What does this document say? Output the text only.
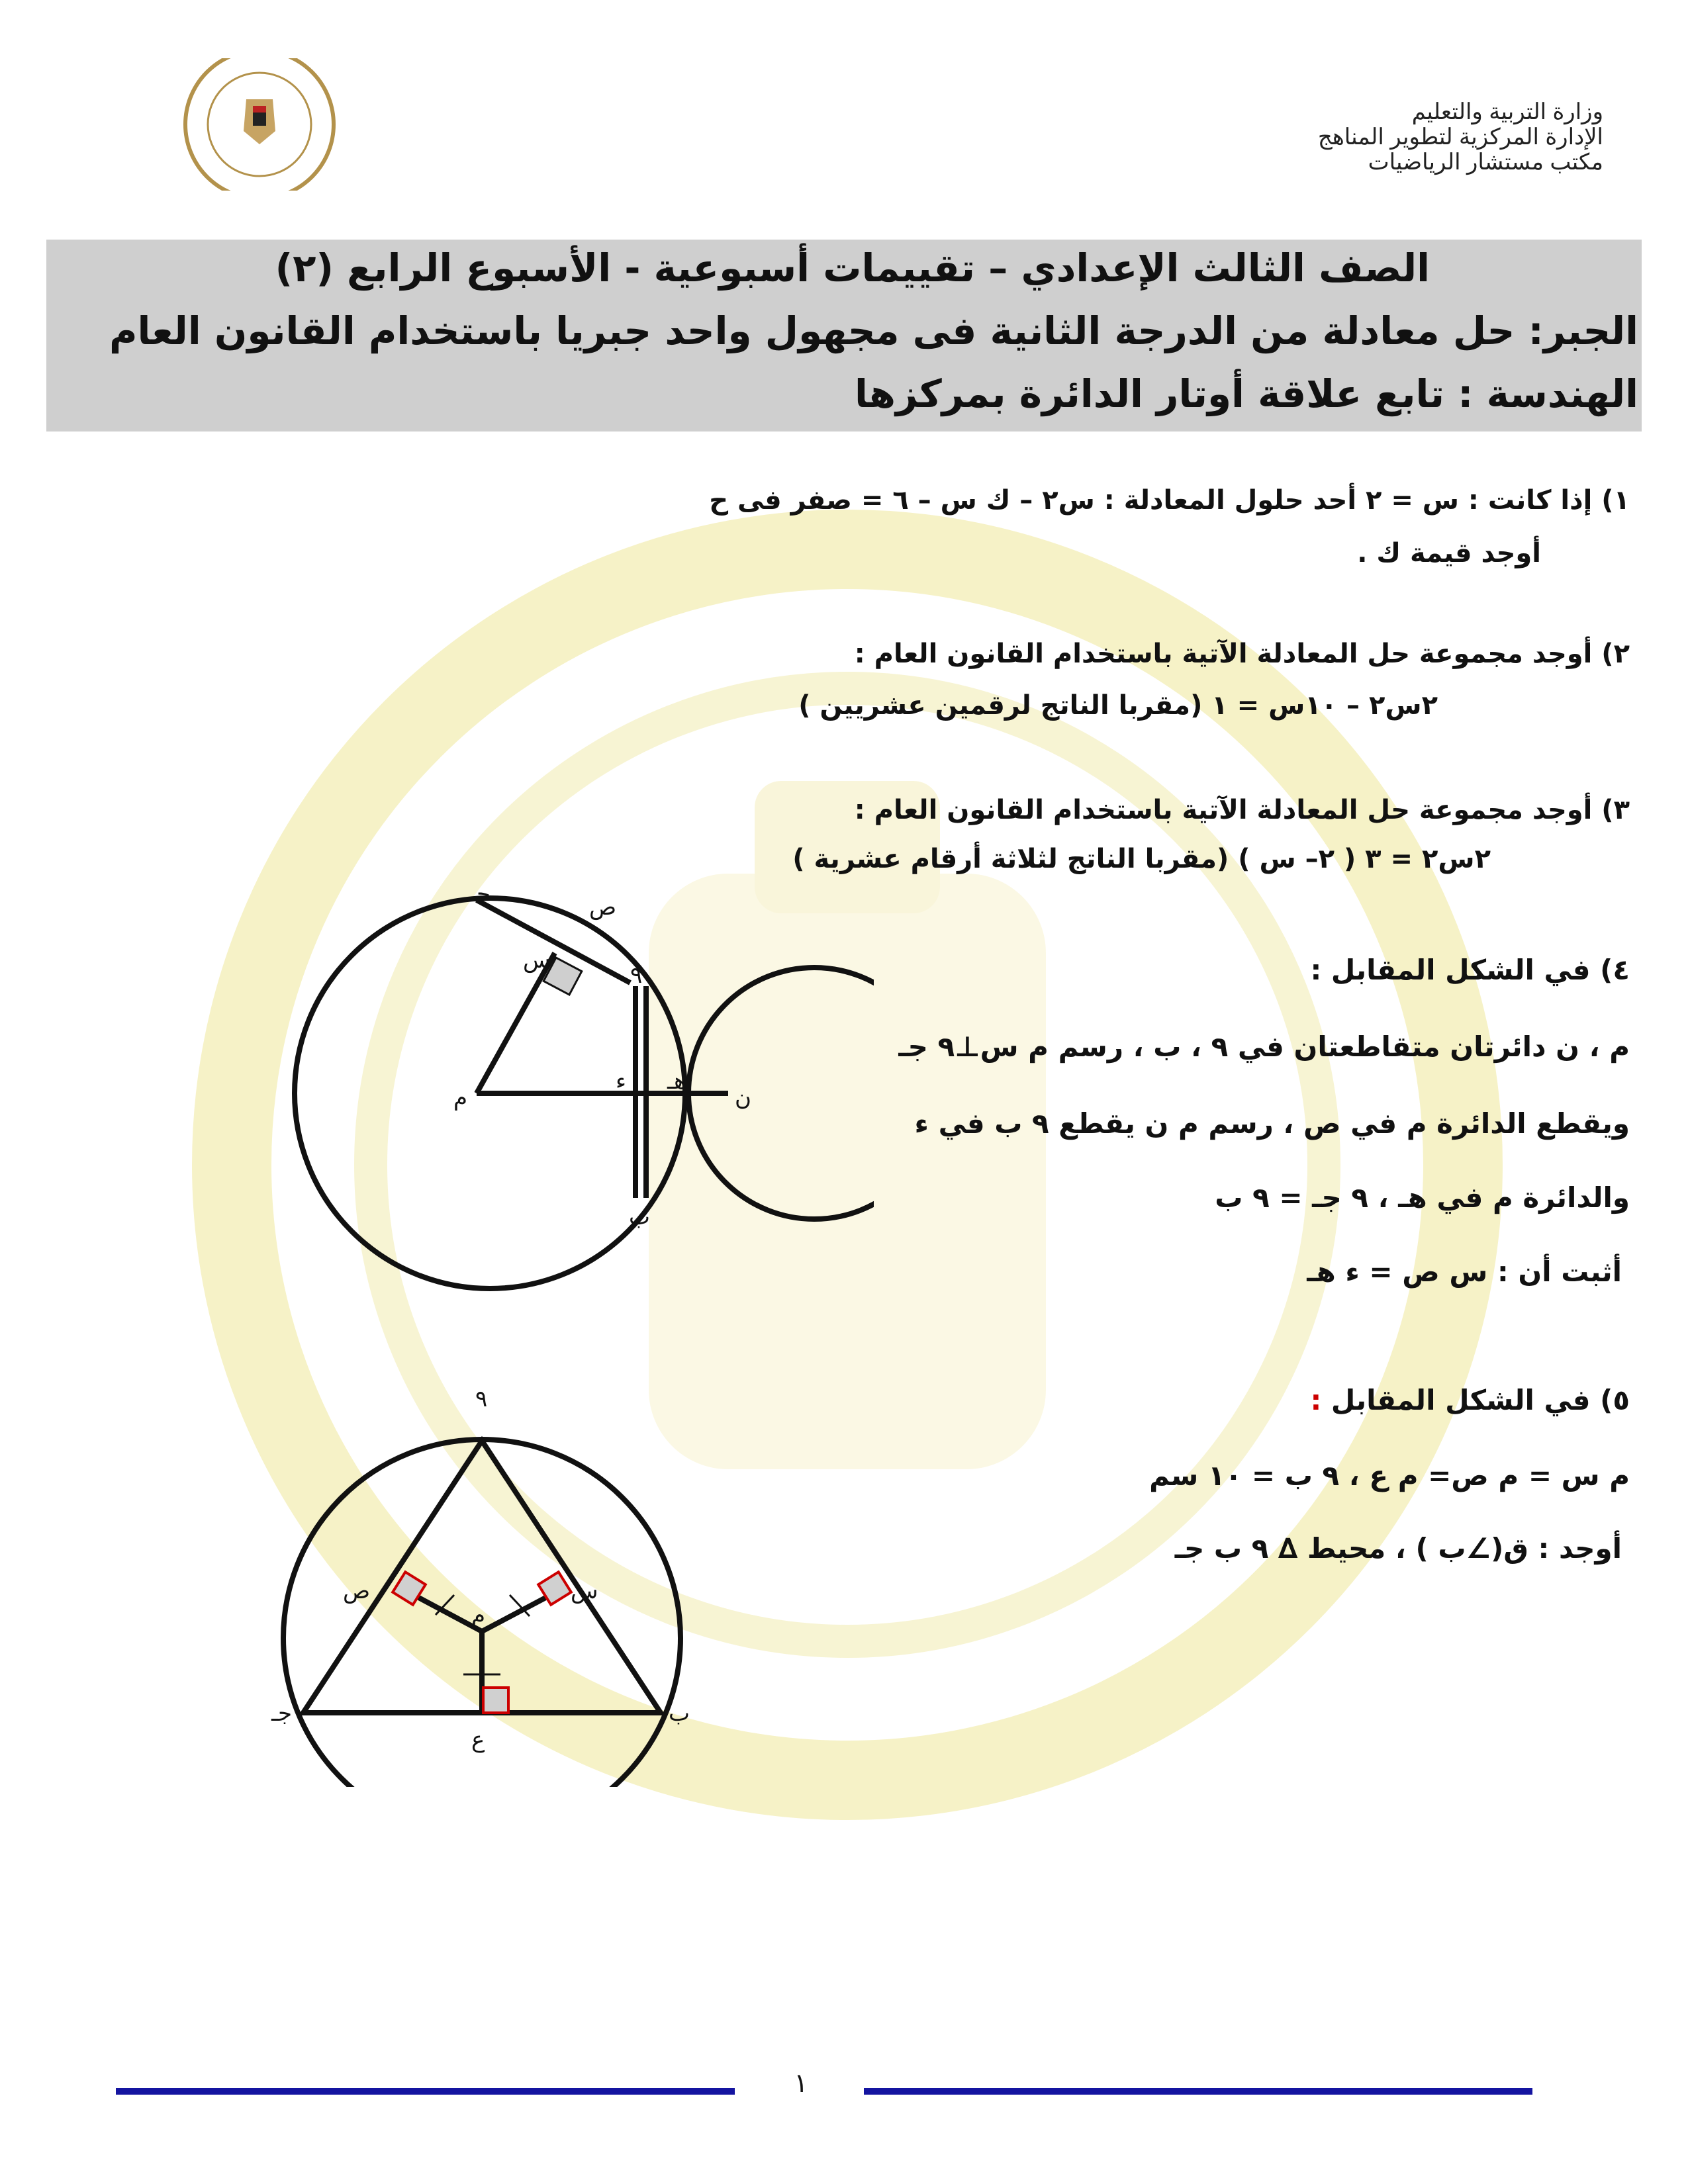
وزارة التربية والتعليم
الإدارة المركزية لتطوير المناهج
مكتب مستشار الرياضيات
الصف الثالث الإعدادي – تقييمات أسبوعية - الأسبوع الرابع (٢)
الجبر: حل معادلة من الدرجة الثانية فى مجهول واحد جبريا باستخدام القانون العام
الهندسة : تابع علاقة أوتار الدائرة بمركزها
١) إذا كانت : س = ٢ أحد حلول المعادلة : س٢ – ك س – ٦ = صفر فى ح
أوجد قيمة ك .
٢) أوجد مجموعة حل المعادلة الآتية باستخدام القانون العام :
٢س٢ – ١٠س = ١ (مقربا الناتج لرقمين عشريين )
٣) أوجد مجموعة حل المعادلة الآتية باستخدام القانون العام :
٢س٢ = ٣ ( ٢– س ) (مقربا الناتج لثلاثة أرقام عشرية )
٤) في الشكل المقابل :
م ، ن دائرتان متقاطعتان في ٩ ، ب ، رسم م س⊥٩ جـ
ويقطع الدائرة م في ص ، رسم م ن يقطع ٩ ب في ء
والدائرة م في هـ ، ٩ جـ = ٩ ب
أثبت أن : س ص = ء هـ
٥) في الشكل المقابل :
م س = م ص= م ع ، ٩ ب = ١٠ سم
أوجد : ق(∠ب ) ، محيط ∆ ٩ ب جـ
جـ	ص
س
٩
م
ء هـ
ن
ب
٩
س
ص
م
ب
جـ
ع
١
